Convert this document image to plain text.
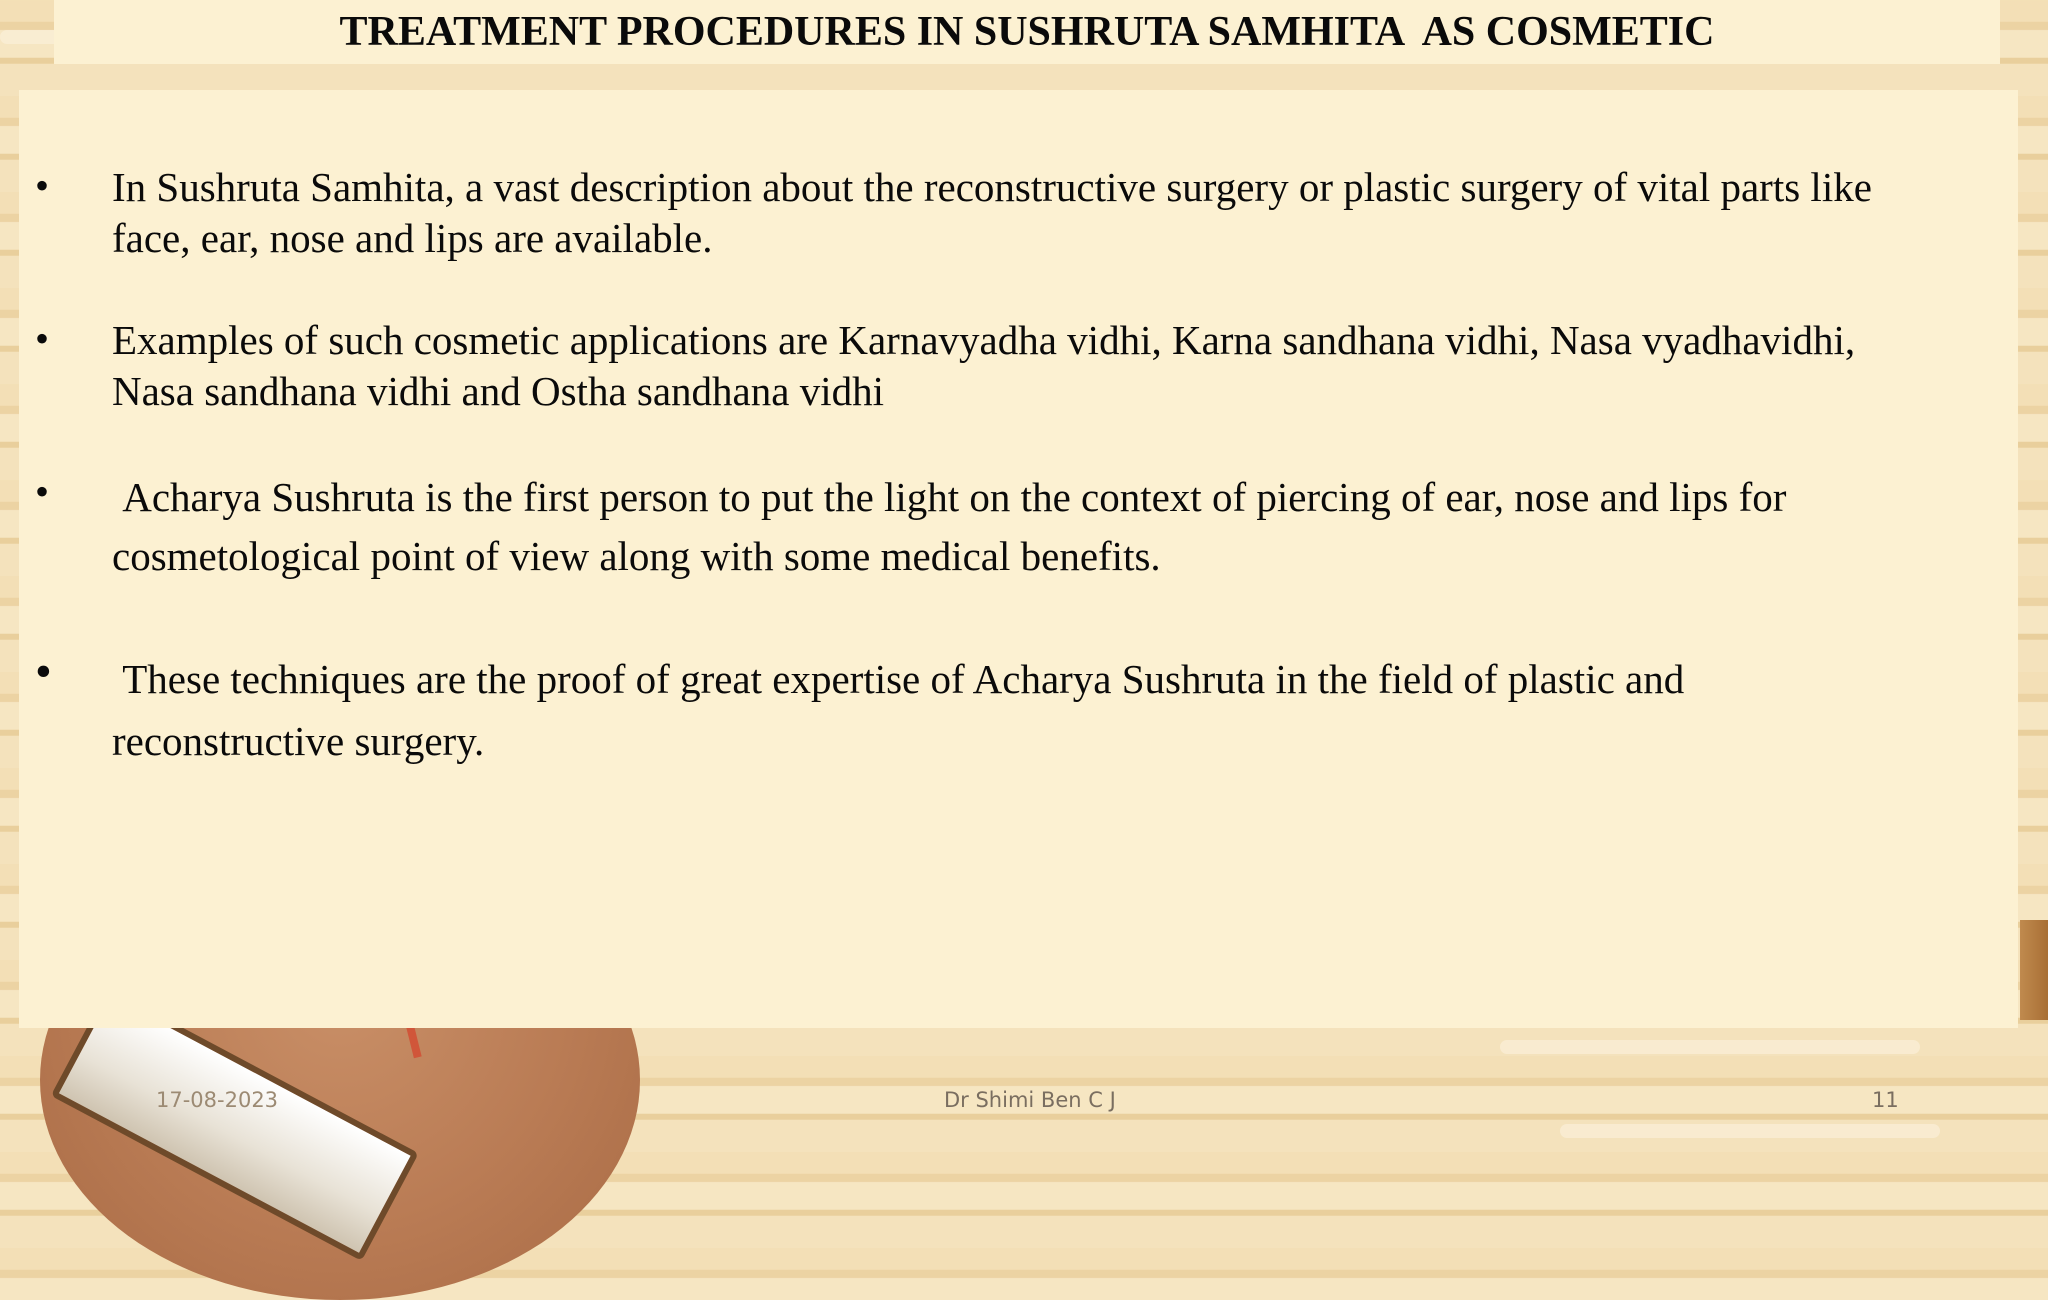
TREATMENT PROCEDURES IN SUSHRUTA SAMHITA  AS COSMETIC
• In Sushruta Samhita, a vast description about the reconstructive surgery or plastic surgery of vital parts like
face, ear, nose and lips are available.
• Examples of such cosmetic applications are Karnavyadha vidhi, Karna sandhana vidhi, Nasa vyadhavidhi,
Nasa sandhana vidhi and Ostha sandhana vidhi
• Acharya Sushruta is the first person to put the light on the context of piercing of ear, nose and lips for
cosmetological point of view along with some medical benefits.
• These techniques are the proof of great expertise of Acharya Sushruta in the field of plastic and
reconstructive surgery.
17-08-2023	Dr Shimi Ben C J	11
